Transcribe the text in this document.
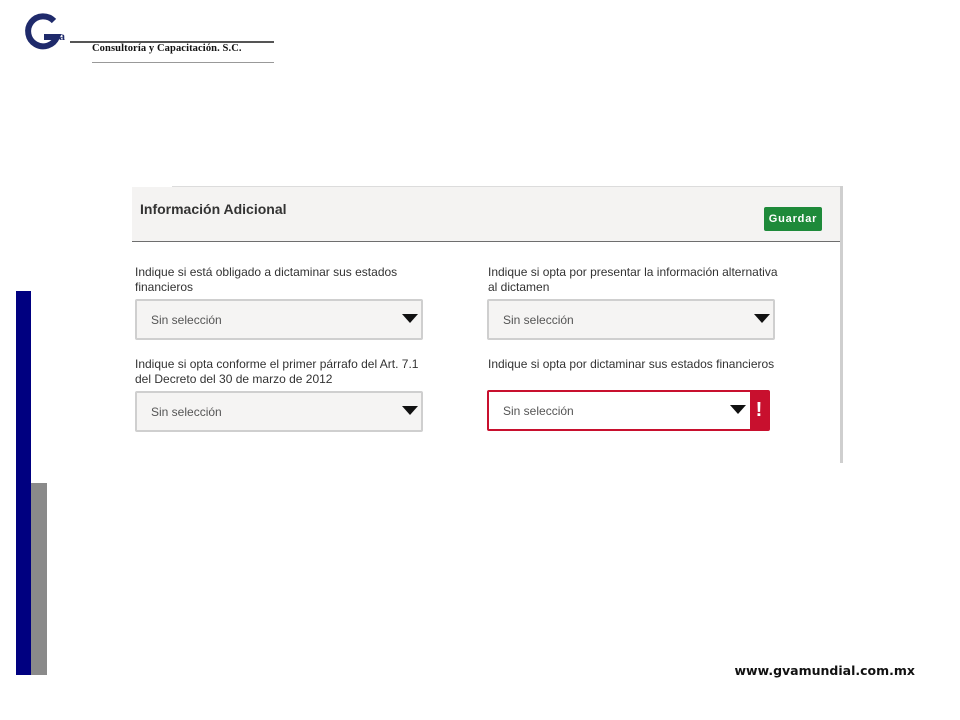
va
Consultoría y Capacitación. S.C.
Información Adicional
Guardar
Indique si está obligado a dictaminar sus estados financieros
Sin selección
Indique si opta por presentar la información alternativa al dictamen
Sin selección
Indique si opta conforme el primer párrafo del Art. 7.1 del Decreto del 30 de marzo de 2012
Sin selección
Indique si opta por dictaminar sus estados financieros
Sin selección	!
www.gvamundial.com.mx
